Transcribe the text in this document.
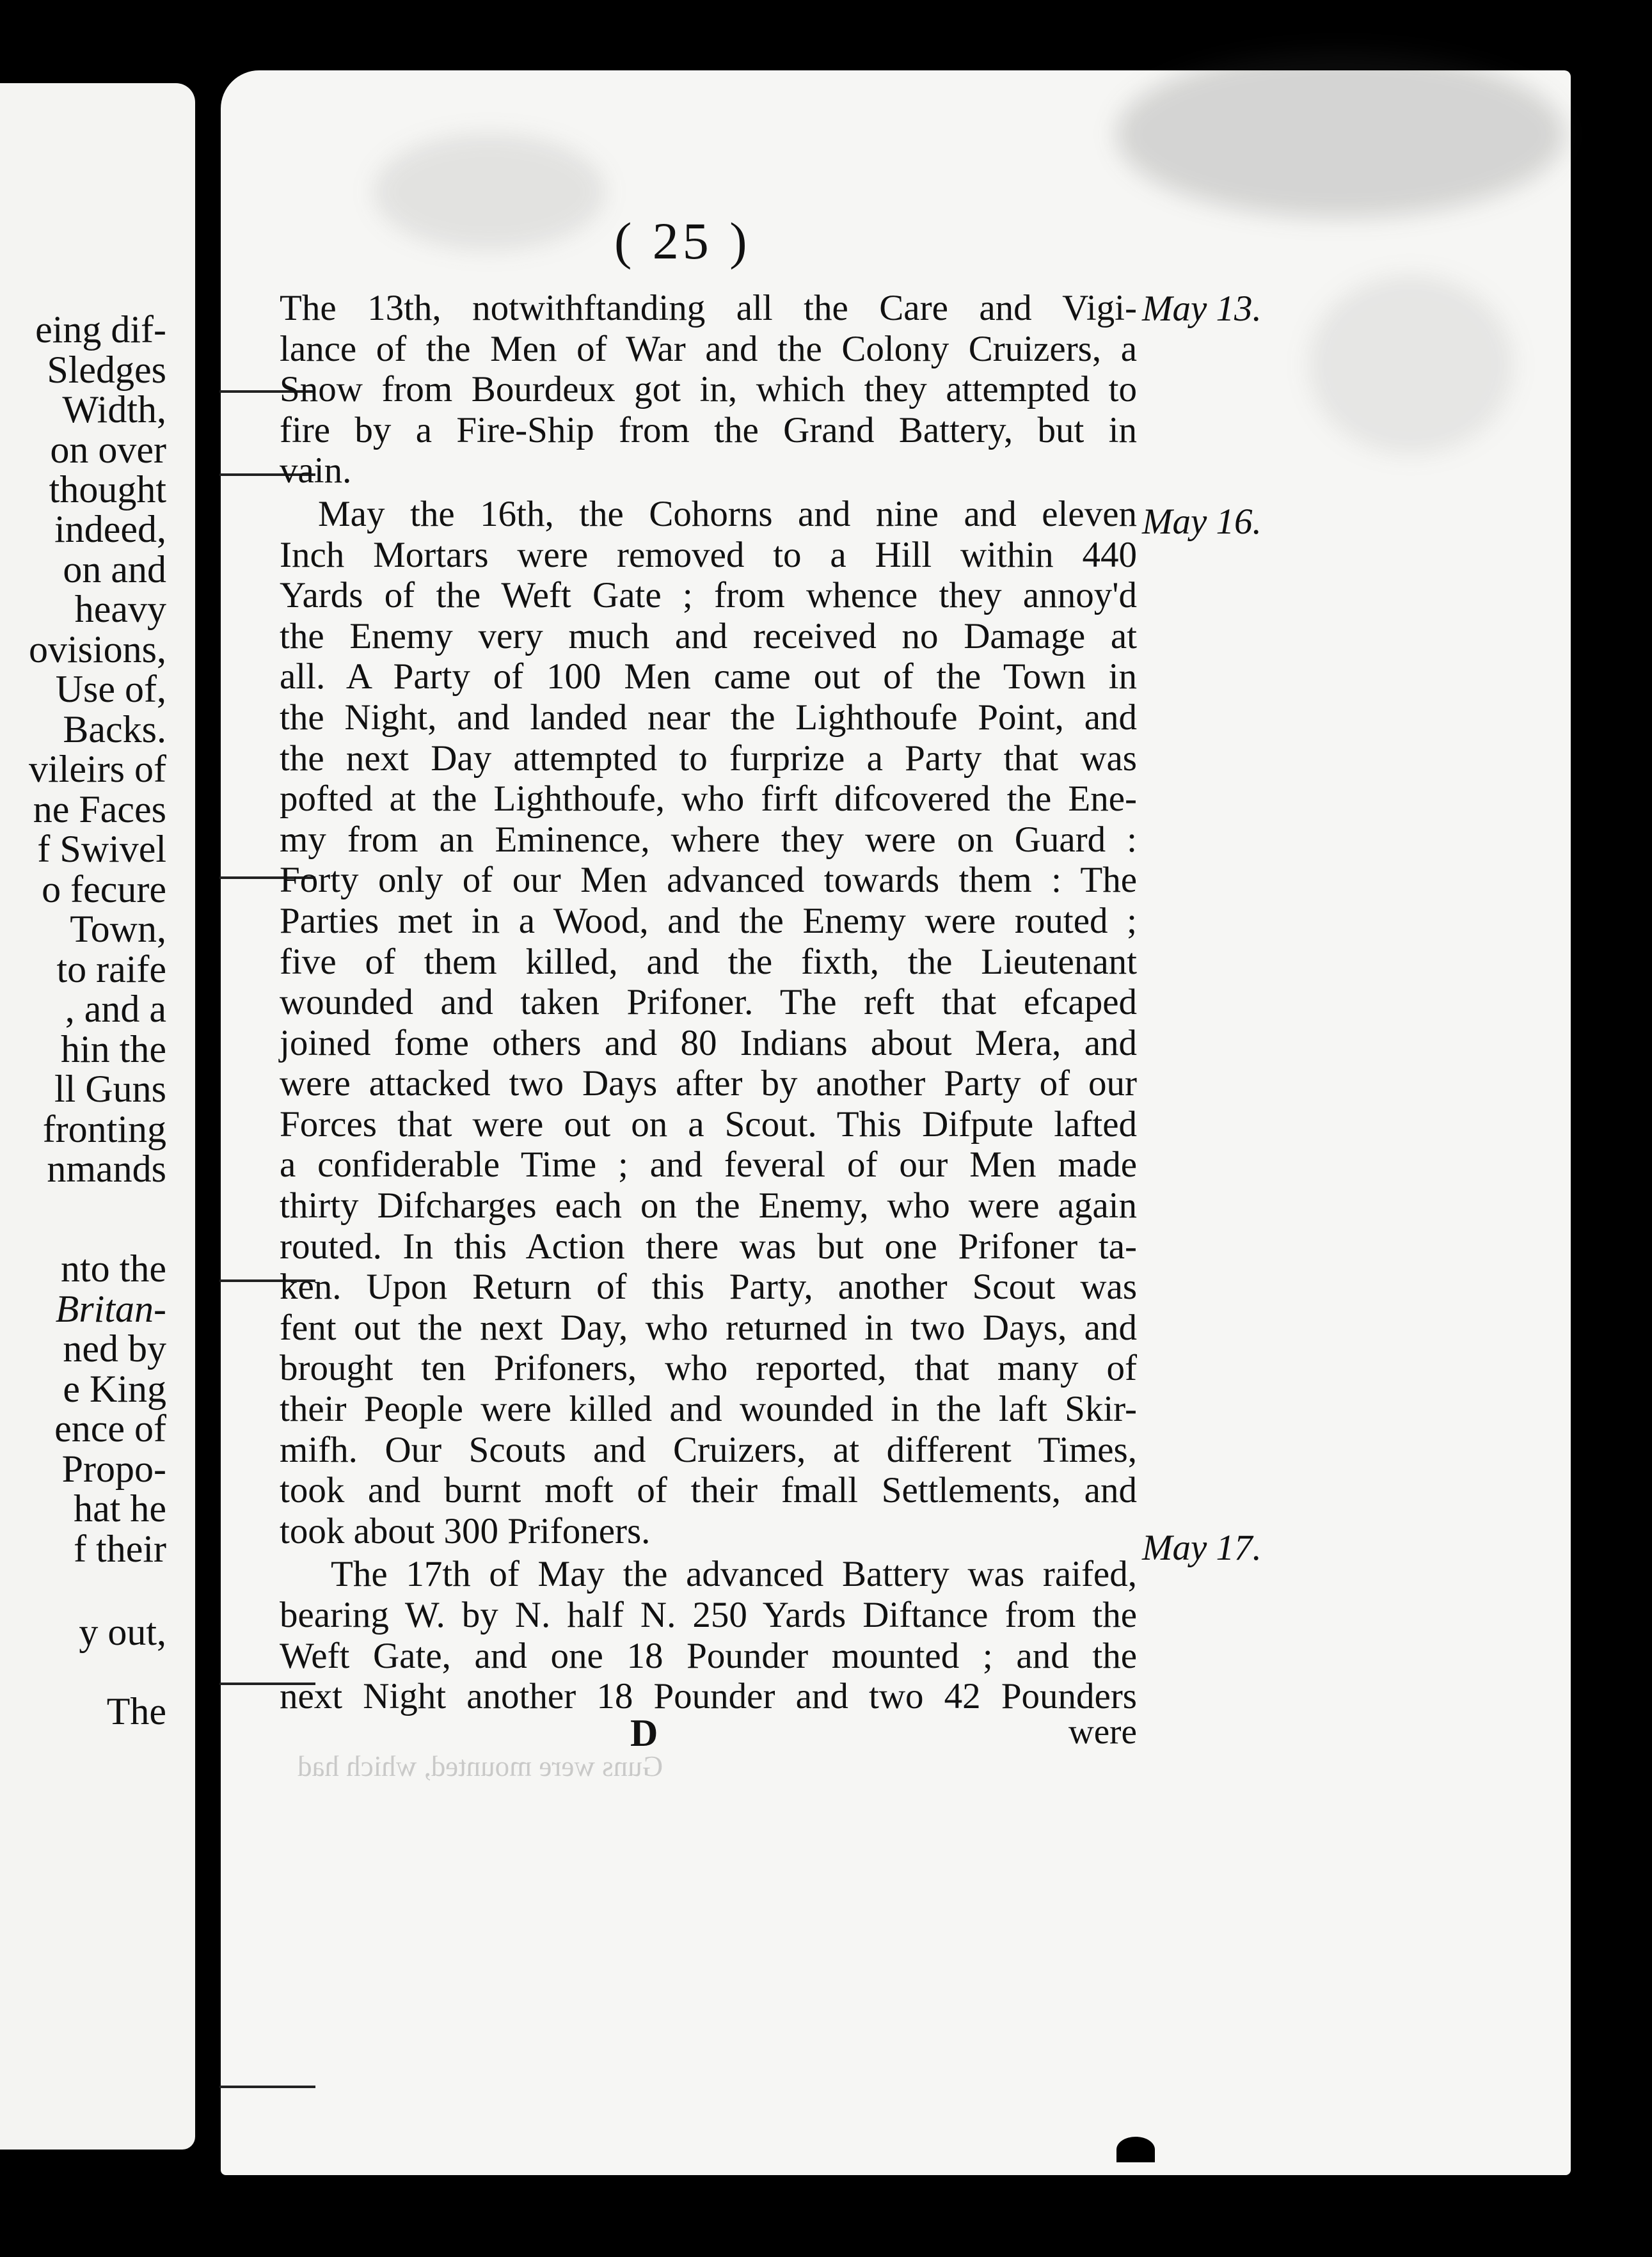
eing dif-
Sledges
Width,
on over
thought
indeed,
on and
heavy
ovisions,
Use of,
Backs.
vileirs of
ne Faces
f Swivel
o fecure
Town,
to raife
, and a
hin the
ll Guns
fronting
nmands
nto the
Britan-
ned by
e King
ence of
Propo-
hat he
f their
y out,
The
( 25 )
May 13.
May 16.
May 17.
The 13th, notwithftanding all the Care and Vigi-
lance of the Men of War and the Colony Cruizers, a
Snow from Bourdeux got in, which they attempted to
fire by a Fire-Ship from the Grand Battery, but in
vain.
May the 16th, the Cohorns and nine and eleven
Inch Mortars were removed to a Hill within 440
Yards of the Weft Gate ; from whence they annoy'd
the Enemy very much and received no Damage at
all. A Party of 100 Men came out of the Town in
the Night, and landed near the Lighthoufe Point, and
the next Day attempted to furprize a Party that was
pofted at the Lighthoufe, who firft difcovered the Ene-
my from an Eminence, where they were on Guard :
Forty only of our Men advanced towards them : The
Parties met in a Wood, and the Enemy were routed ;
five of them killed, and the fixth, the Lieutenant
wounded and taken Prifoner. The reft that efcaped
joined fome others and 80 Indians about Mera, and
were attacked two Days after by another Party of our
Forces that were out on a Scout. This Difpute lafted
a confiderable Time ; and feveral of our Men made
thirty Difcharges each on the Enemy, who were again
routed. In this Action there was but one Prifoner ta-
ken. Upon Return of this Party, another Scout was
fent out the next Day, who returned in two Days, and
brought ten Prifoners, who reported, that many of
their People were killed and wounded in the laft Skir-
mifh. Our Scouts and Cruizers, at different Times,
took and burnt moft of their fmall Settlements, and
took about 300 Prifoners.
The 17th of May the advanced Battery was raifed,
bearing W. by N. half N. 250 Yards Diftance from the
Weft Gate, and one 18 Pounder mounted ; and the
next Night another 18 Pounder and two 42 Pounders
D	were
Guns were mounted, which had
